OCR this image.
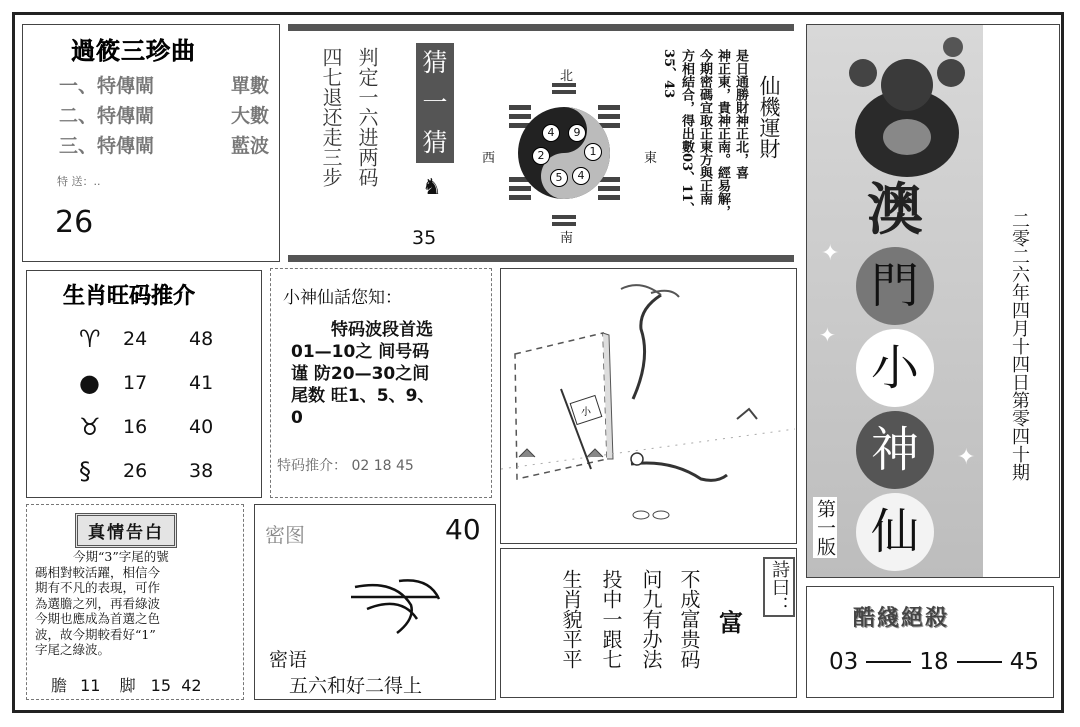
過筱三珍曲
一、特傳閘	單數
二、特傳閘	大數
三、特傳閘	藍波
特 送：..
26
判定一六进两码
四七退还走三步	猜
一
猜
♞
35
北
南
西	東
4	9
2	1
5	4
仙機運財
是日通勝財神正北，喜
神正東，貴神正南。經易解，
今期密碼宜取正東方與正南
方相結合，得出數03、11、
35、43
生肖旺码推介
♈	24	48
●	17	41
♉	16	40
§	26	38
小神仙話您知：
特码波段首选
01—10之 间号码
谨 防20—30之间
尾数 旺1、5、9、
0
特码推介： 02 18 45
小
真情告白
今期“3”字尾的號
碼相對較活躍，相信今
期有不凡的表現，可作
為選膽之列，再看綠波
今期也應成為首選之色
波，故今期較看好“1”
字尾之綠波。
膽 11 脚 15  42
密图	40
密语
五六和好二得上
詩曰：
富
不成富贵码
问九有办法
投中一跟七
生肖貌平平
澳
門
小
神
仙
✦
✦
✦ 二零二六年四月十四日第零四十期
第一版
酷綫絕殺
03	18	45
